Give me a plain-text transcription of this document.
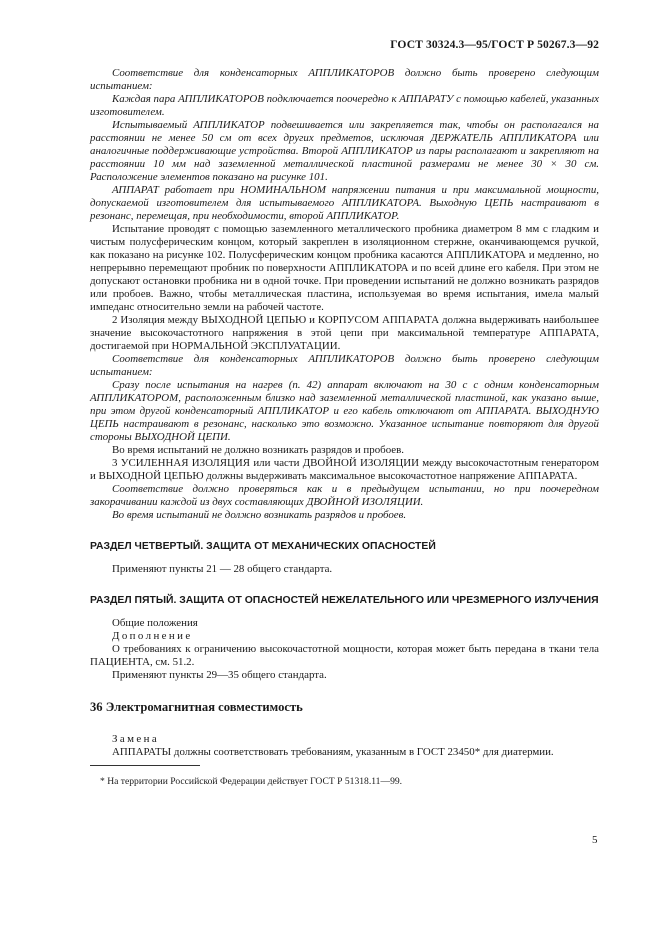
ГОСТ 30324.3—95/ГОСТ Р 50267.3—92

Соответствие для конденсаторных АППЛИКАТОРОВ должно быть проверено следующим испытанием:

Каждая пара АППЛИКАТОРОВ подключается поочередно к АППАРАТУ с помощью кабелей, указанных изготовителем.

Испытываемый АППЛИКАТОР подвешивается или закрепляется так, чтобы он располагался на расстоянии не менее 50 см от всех других предметов, исключая ДЕРЖАТЕЛЬ АППЛИКАТОРА или аналогичные поддерживающие устройства. Второй АППЛИКАТОР из пары располагают и закрепляют на расстоянии 10 мм над заземленной металлической пластиной размерами не менее 30 × 30 см. Расположение элементов показано на рисунке 101.

АППАРАТ работает при НОМИНАЛЬНОМ напряжении питания и при максимальной мощности, допускаемой изготовителем для испытываемого АППЛИКАТОРА. Выходную ЦЕПЬ настраивают в резонанс, перемещая, при необходимости, второй АППЛИКАТОР.

Испытание проводят с помощью заземленного металлического пробника диаметром 8 мм с гладким и чистым полусферическим концом, который закреплен в изоляционном стержне, оканчивающемся ручкой, как показано на рисунке 102. Полусферическим концом пробника касаются АППЛИКАТОРА и медленно, но непрерывно перемещают пробник по поверхности АППЛИКАТОРА и по всей длине его кабеля. При этом не допускают остановки пробника ни в одной точке. При проведении испытаний не должно возникать разрядов или пробоев. Важно, чтобы металлическая пластина, используемая во время испытания, имела малый импеданс относительно земли на рабочей частоте.

2 Изоляция между ВЫХОДНОЙ ЦЕПЬЮ и КОРПУСОМ АППАРАТА должна выдерживать наибольшее значение высокочастотного напряжения в этой цепи при максимальной температуре АППАРАТА, достигаемой при НОРМАЛЬНОЙ ЭКСПЛУАТАЦИИ.

Соответствие для конденсаторных АППЛИКАТОРОВ должно быть проверено следующим испытанием:

Сразу после испытания на нагрев (п. 42) аппарат включают на 30 с с одним конденсаторным АППЛИКАТОРОМ, расположенным близко над заземленной металлической пластиной, как указано выше, при этом другой конденсаторный АППЛИКАТОР и его кабель отключают от АППАРАТА. ВЫХОДНУЮ ЦЕПЬ настраивают в резонанс, насколько это возможно. Указанное испытание повторяют для другой стороны ВЫХОДНОЙ ЦЕПИ.

Во время испытаний не должно возникать разрядов и пробоев.

3 УСИЛЕННАЯ ИЗОЛЯЦИЯ или части ДВОЙНОЙ ИЗОЛЯЦИИ между высокочастотным генератором и ВЫХОДНОЙ ЦЕПЬЮ должны выдерживать максимальное высокочастотное напряжение АППАРАТА.

Соответствие должно проверяться как и в предыдущем испытании, но при поочередном закорачивании каждой из двух составляющих ДВОЙНОЙ ИЗОЛЯЦИИ.

Во время испытаний не должно возникать разрядов и пробоев.

РАЗДЕЛ ЧЕТВЕРТЫЙ. ЗАЩИТА ОТ МЕХАНИЧЕСКИХ ОПАСНОСТЕЙ

Применяют пункты 21 — 28 общего стандарта.

РАЗДЕЛ ПЯТЫЙ. ЗАЩИТА ОТ ОПАСНОСТЕЙ НЕЖЕЛАТЕЛЬНОГО ИЛИ ЧРЕЗМЕРНОГО ИЗЛУЧЕНИЯ

Общие положения

Дополнение

О требованиях к ограничению высокочастотной мощности, которая может быть передана в ткани тела ПАЦИЕНТА, см. 51.2.

Применяют пункты 29—35 общего стандарта.

36 Электромагнитная совместимость

Замена

АППАРАТЫ должны соответствовать требованиям, указанным в ГОСТ 23450* для диатермии.

* На территории Российской Федерации действует ГОСТ Р 51318.11—99.

5
